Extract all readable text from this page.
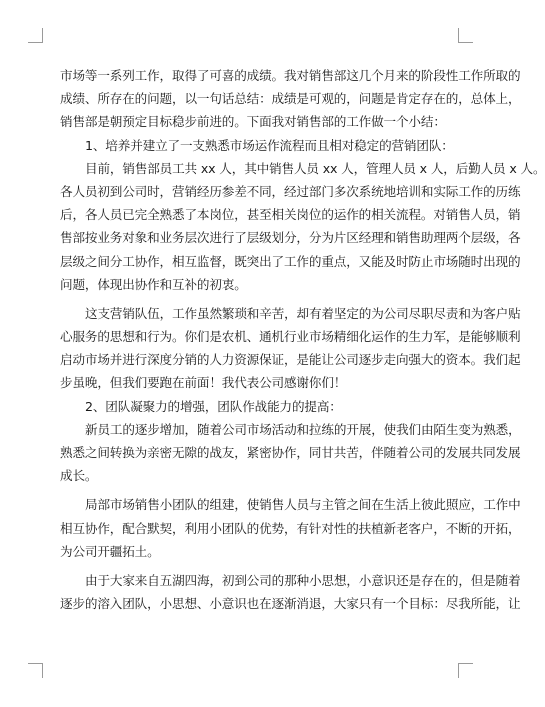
市场等一系列工作，取得了可喜的成绩。我对销售部这几个月来的阶段性工作所取的
成绩、所存在的问题，以一句话总结：成绩是可观的，问题是肯定存在的，总体上，
销售部是朝预定目标稳步前进的。下面我对销售部的工作做一个小结：
1、培养并建立了一支熟悉市场运作流程而且相对稳定的营销团队：
目前，销售部员工共 xx 人，其中销售人员 xx 人，管理人员 x 人，后勤人员 x 人。
各人员初到公司时，营销经历参差不同，经过部门多次系统地培训和实际工作的历练
后，各人员已完全熟悉了本岗位，甚至相关岗位的运作的相关流程。对销售人员，销
售部按业务对象和业务层次进行了层级划分，分为片区经理和销售助理两个层级，各
层级之间分工协作，相互监督，既突出了工作的重点，又能及时防止市场随时出现的
问题，体现出协作和互补的初衷。
这支营销队伍，工作虽然繁琐和辛苦，却有着坚定的为公司尽职尽责和为客户贴
心服务的思想和行为。你们是农机、通机行业市场精细化运作的生力军，是能够顺利
启动市场并进行深度分销的人力资源保证，是能让公司逐步走向强大的资本。我们起
步虽晚，但我们要跑在前面！我代表公司感谢你们！
2、团队凝聚力的增强，团队作战能力的提高：
新员工的逐步增加，随着公司市场活动和拉练的开展，使我们由陌生变为熟悉，
熟悉之间转换为亲密无隙的战友，紧密协作，同甘共苦，伴随着公司的发展共同发展
成长。
局部市场销售小团队的组建，使销售人员与主管之间在生活上彼此照应，工作中
相互协作，配合默契，利用小团队的优势，有针对性的扶植新老客户，不断的开拓，
为公司开疆拓土。
由于大家来自五湖四海，初到公司的那种小思想，小意识还是存在的，但是随着
逐步的溶入团队，小思想、小意识也在逐渐消退，大家只有一个目标：尽我所能，让
